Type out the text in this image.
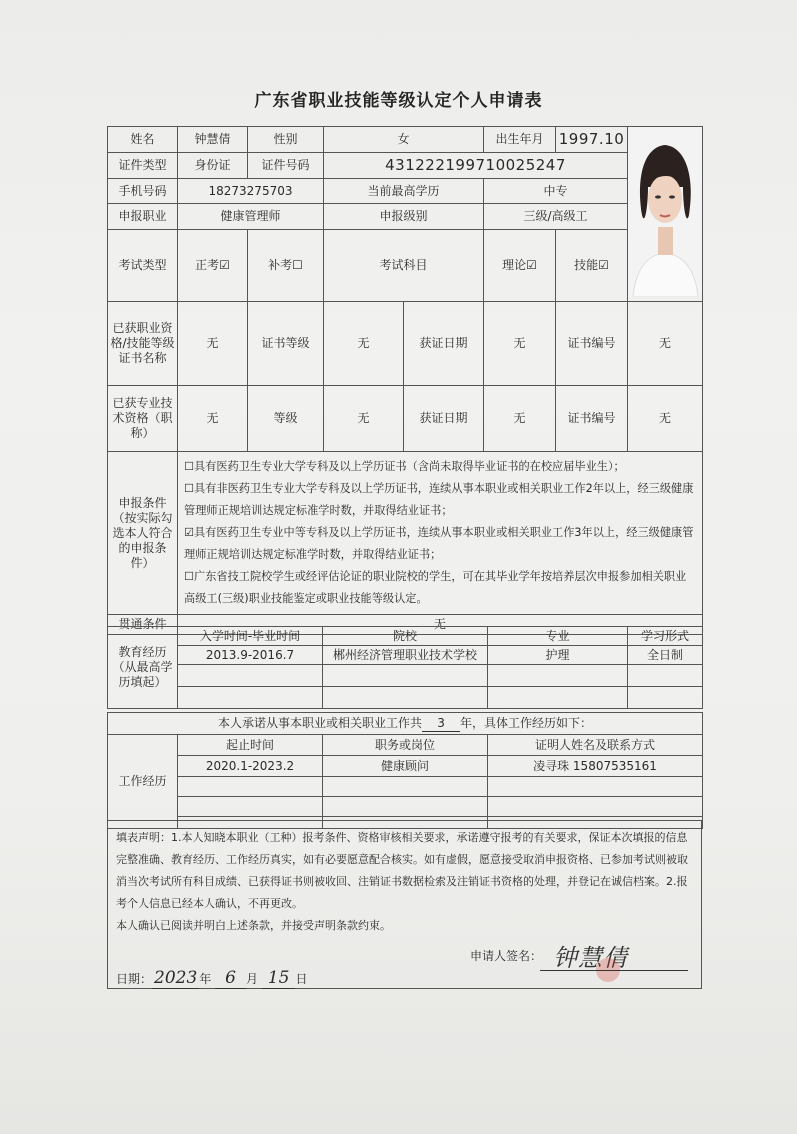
广东省职业技能等级认定个人申请表
姓名	钟慧倩	性别	女		出生年月	1997.10	
证件类型	身份证	证件号码	431222199710025247				
手机号码	18273275703		当前最高学历		中专		
申报职业	健康管理师		申报级别		三级/高级工		
考试类型	正考☑	补考☐	考试科目		理论☑	技能☑	
已获职业资格/技能等级证书名称	无	证书等级	无	获证日期	无	证书编号	无
已获专业技术资格（职称）	无	等级	无	获证日期	无	证书编号	无
申报条件（按实际勾选本人符合的申报条件）	☐具有医药卫生专业大学专科及以上学历证书（含尚未取得毕业证书的在校应届毕业生）；
☐具有非医药卫生专业大学专科及以上学历证书，连续从事本职业或相关职业工作2年以上，经三级健康管理师正规培训达规定标准学时数，并取得结业证书；
☑具有医药卫生专业中等专科及以上学历证书，连续从事本职业或相关职业工作3年以上，经三级健康管理师正规培训达规定标准学时数，并取得结业证书；
☐广东省技工院校学生或经评估论证的职业院校的学生，可在其毕业学年按培养层次申报参加相关职业高级工(三级)职业技能鉴定或职业技能等级认定。						

贯通条件	无						
教育经历（从最高学历填起）	入学时间-毕业时间	院校	专业	学习形式
	2013.9-2016.7	郴州经济管理职业技术学校	护理	全日制

本人承诺从事本职业或相关职业工作共 3 年，具体工作经历如下：			
工作经历	起止时间	职务或岗位	证明人姓名及联系方式
	2020.1-2023.2	健康顾问	凌寻珠 15807535161

填表声明：1.本人知晓本职业（工种）报考条件、资格审核相关要求，承诺遵守报考的有关要求，保证本次填报的信息完整准确、教育经历、工作经历真实，如有必要愿意配合核实。如有虚假，愿意接受取消申报资格、已参加考试则被取消当次考试所有科目成绩、已获得证书则被收回、注销证书数据检索及注销证书资格的处理，并登记在诚信档案。2.报考个人信息已经本人确认，不再更改。
本人确认已阅读并明白上述条款，并接受声明条款约束。
申请人签名： 钟慧倩
日期： 2023 年 6 月 15 日
